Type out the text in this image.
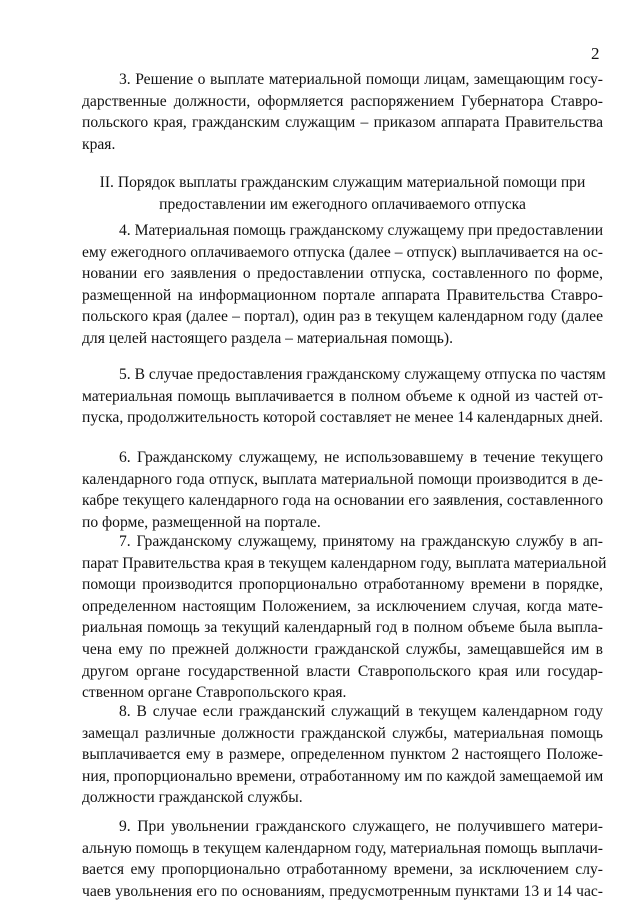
2
3. Решение о выплате материальной помощи лицам, замещающим госу-
дарственные должности, оформляется распоряжением Губернатора Ставро-
польского края, гражданским служащим – приказом аппарата Правительства
края.
II. Порядок выплаты гражданским служащим материальной помощи при
предоставлении им ежегодного оплачиваемого отпуска
4. Материальная помощь гражданскому служащему при предоставлении
ему ежегодного оплачиваемого отпуска (далее – отпуск) выплачивается на ос-
новании его заявления о предоставлении отпуска, составленного по форме,
размещенной на информационном портале аппарата Правительства Ставро-
польского края (далее – портал), один раз в текущем календарном году (далее
для целей настоящего раздела – материальная помощь).
5. В случае предоставления гражданскому служащему отпуска по частям
материальная помощь выплачивается в полном объеме к одной из частей от-
пуска, продолжительность которой составляет не менее 14 календарных дней.
6. Гражданскому служащему, не использовавшему в течение текущего
календарного года отпуск, выплата материальной помощи производится в де-
кабре текущего календарного года на основании его заявления, составленного
по форме, размещенной на портале.
7. Гражданскому служащему, принятому на гражданскую службу в ап-
парат Правительства края в текущем календарном году, выплата материальной
помощи производится пропорционально отработанному времени в порядке,
определенном настоящим Положением, за исключением случая, когда мате-
риальная помощь за текущий календарный год в полном объеме была выпла-
чена ему по прежней должности гражданской службы, замещавшейся им в
другом органе государственной власти Ставропольского края или государ-
ственном органе Ставропольского края.
8. В случае если гражданский служащий в текущем календарном году
замещал различные должности гражданской службы, материальная помощь
выплачивается ему в размере, определенном пунктом 2 настоящего Положе-
ния, пропорционально времени, отработанному им по каждой замещаемой им
должности гражданской службы.
9. При увольнении гражданского служащего, не получившего матери-
альную помощь в текущем календарном году, материальная помощь выплачи-
вается ему пропорционально отработанному времени, за исключением слу-
чаев увольнения его по основаниям, предусмотренным пунктами 13 и 14 час-
